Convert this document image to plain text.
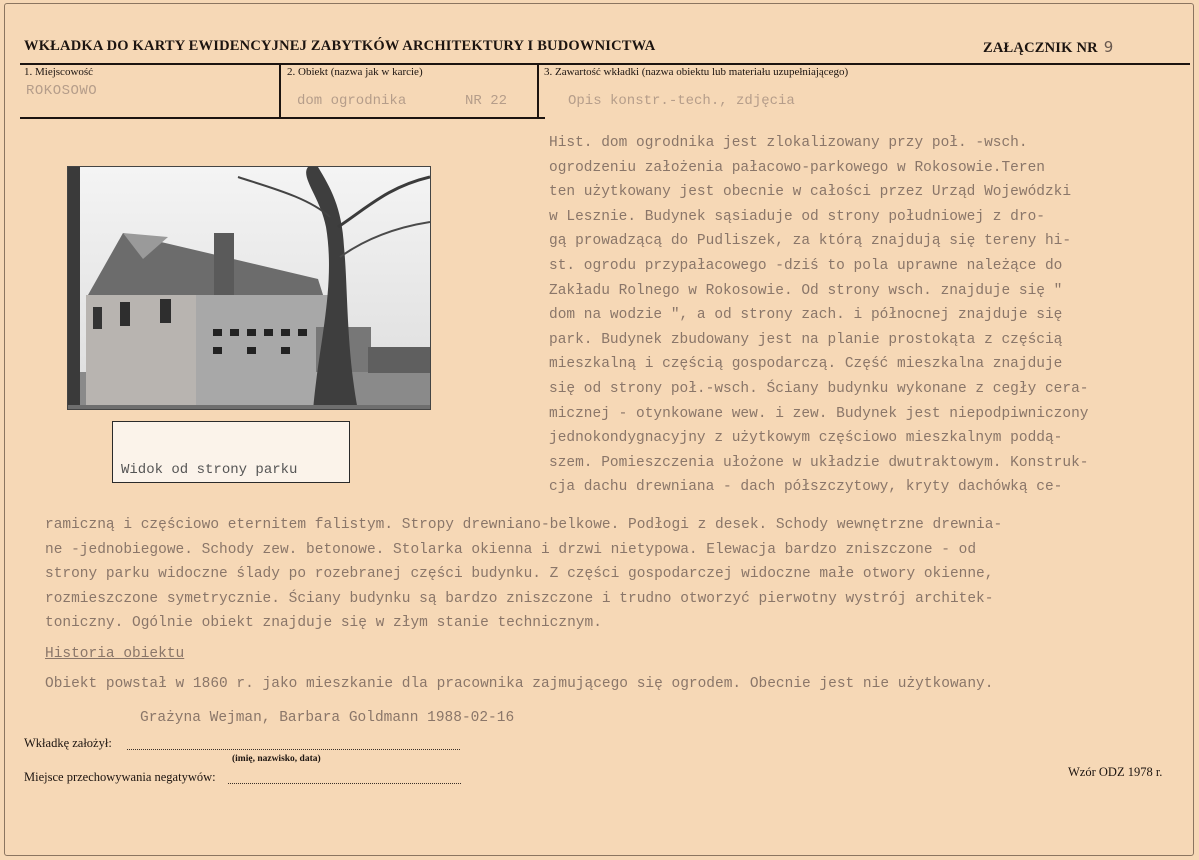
WKŁADKA DO KARTY EWIDENCYJNEJ ZABYTKÓW ARCHITEKTURY I BUDOWNICTWA	ZAŁĄCZNIK NR 9
1. Miejscowość
ROKOSOWO
2. Obiekt (nazwa jak w karcie)
dom ogrodnika	NR 22
3. Zawartość wkładki (nazwa obiektu lub materiału uzupełniającego)
Opis konstr.-tech., zdjęcia
Widok od strony parku
Hist. dom ogrodnika jest zlokalizowany przy poł. -wsch.
ogrodzeniu założenia pałacowo-parkowego w Rokosowie.Teren
ten użytkowany jest obecnie w całości przez Urząd Wojewódzki
w Lesznie. Budynek sąsiaduje od strony południowej z dro-
gą prowadzącą do Pudliszek, za którą znajdują się tereny hi-
st. ogrodu przypałacowego -dziś to pola uprawne należące do
Zakładu Rolnego w Rokosowie. Od strony wsch. znajduje się "
dom na wodzie ", a od strony zach. i północnej znajduje się
park. Budynek zbudowany jest na planie prostokąta z częścią
mieszkalną i częścią gospodarczą. Część mieszkalna znajduje
się od strony poł.-wsch. Ściany budynku wykonane z cegły cera-
micznej - otynkowane wew. i zew. Budynek jest niepodpiwniczony
jednokondygnacyjny z użytkowym częściowo mieszkalnym poddą-
szem. Pomieszczenia ułożone w układzie dwutraktowym. Konstruk-
cja dachu drewniana - dach półszczytowy, kryty dachówką ce-
ramiczną i częściowo eternitem falistym. Stropy drewniano-belkowe. Podłogi z desek. Schody wewnętrzne drewnia-
ne -jednobiegowe. Schody zew. betonowe. Stolarka okienna i drzwi nietypowa. Elewacja bardzo zniszczone - od
strony parku widoczne ślady po rozebranej części budynku. Z części gospodarczej widoczne małe otwory okienne,
rozmieszczone symetrycznie. Ściany budynku są bardzo zniszczone i trudno otworzyć pierwotny wystrój architek-
toniczny. Ogólnie obiekt znajduje się w złym stanie technicznym.
Historia obiektu
Obiekt powstał w 1860 r. jako mieszkanie dla pracownika zajmującego się ogrodem. Obecnie jest nie użytkowany.
Grażyna Wejman, Barbara Goldmann 1988-02-16
Wkładkę założył:
(imię, nazwisko, data)
Miejsce przechowywania negatywów:	Wzór ODZ 1978 r.
